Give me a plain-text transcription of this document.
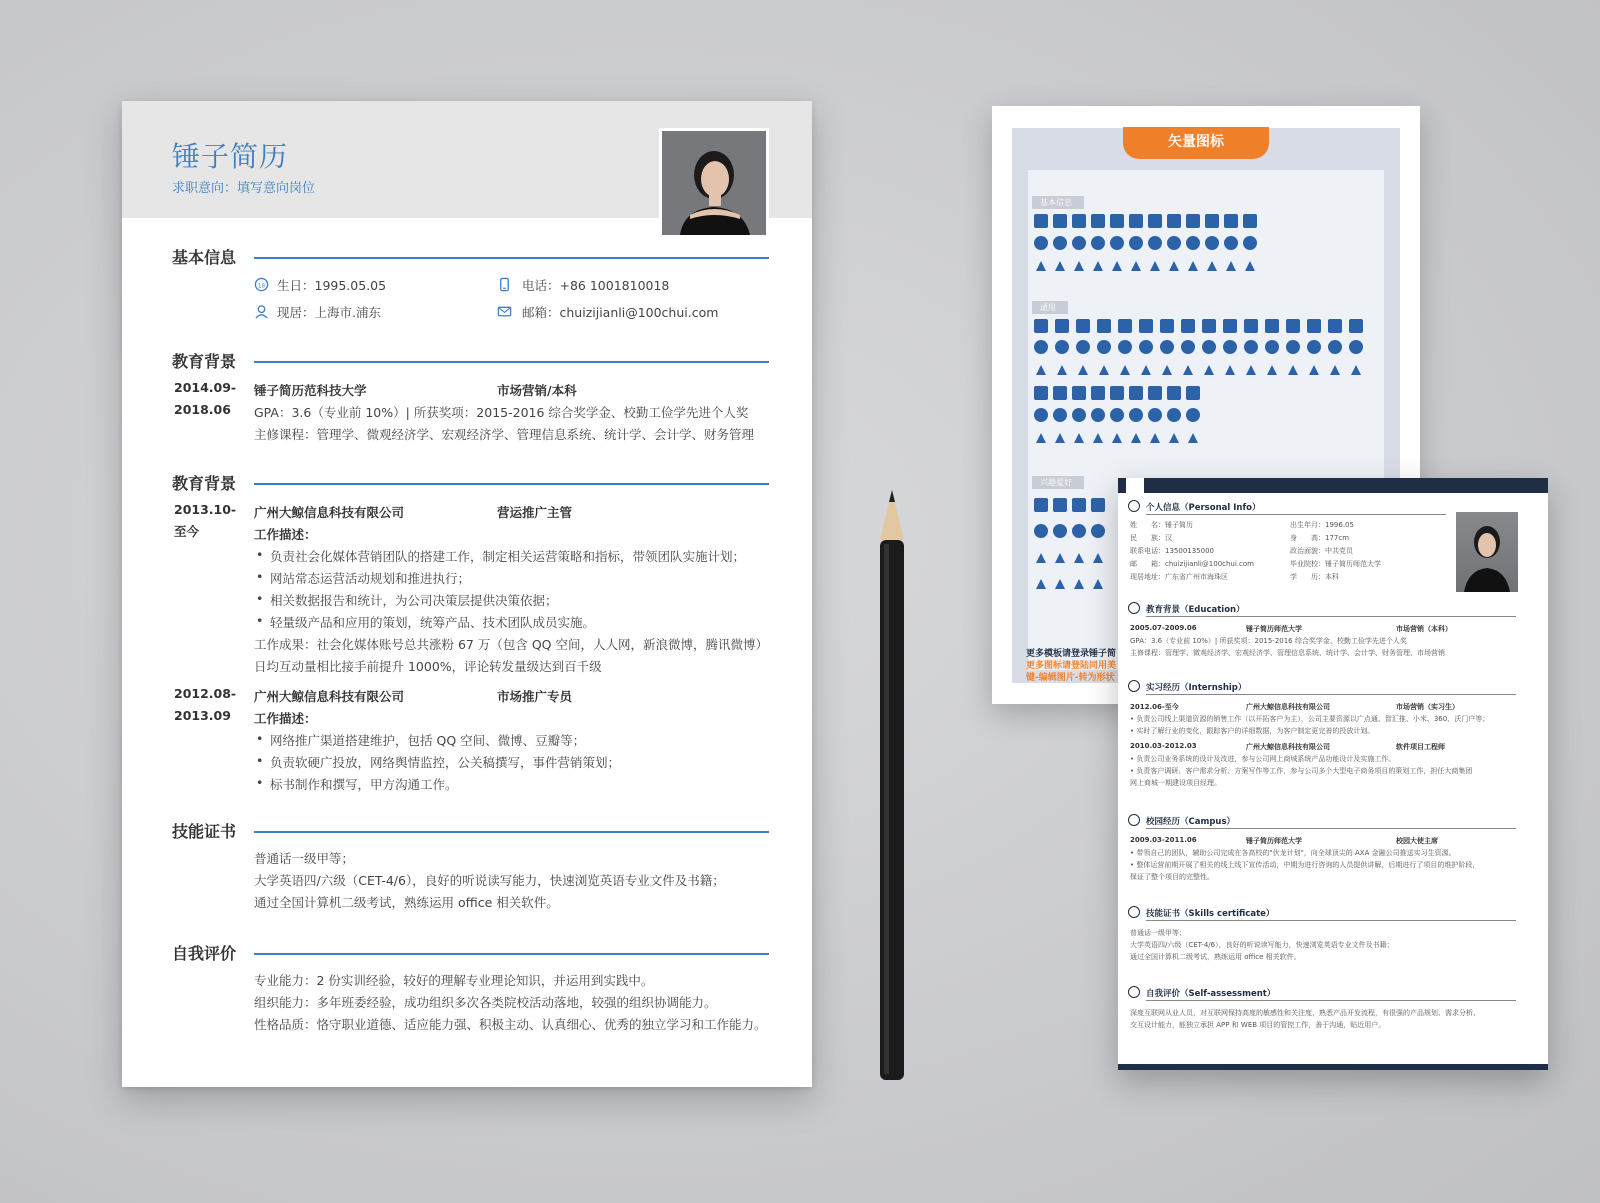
锤子简历
求职意向：填写意向岗位
基本信息
18 生日：1995.05.05	电话：+86 1001810018
现居：上海市.浦东	邮箱：chuizijianli@100chui.com
教育背景
2014.09-
2018.06
锤子简历范科技大学	市场营销/本科
GPA：3.6（专业前 10%）| 所获奖项：2015-2016 综合奖学金、校勤工俭学先进个人奖
主修课程：管理学、微观经济学、宏观经济学、管理信息系统、统计学、会计学、财务管理
教育背景
2013.10-
至今
广州大鲸信息科技有限公司	营运推广主管
工作描述：
• 负责社会化媒体营销团队的搭建工作，制定相关运营策略和指标，带领团队实施计划；
• 网站常态运营活动规划和推进执行；
• 相关数据报告和统计，为公司决策层提供决策依据；
• 轻量级产品和应用的策划，统筹产品、技术团队成员实施。
工作成果：社会化媒体账号总共涨粉 67 万（包含 QQ 空间，人人网，新浪微博，腾讯微博）
日均互动量相比接手前提升 1000%，评论转发量级达到百千级
2012.08-
2013.09
广州大鲸信息科技有限公司	市场推广专员
工作描述：
• 网络推广渠道搭建维护，包括 QQ 空间、微博、豆瓣等；
• 负责软硬广投放，网络舆情监控，公关稿撰写，事件营销策划；
• 标书制作和撰写，甲方沟通工作。
技能证书
普通话一级甲等；
大学英语四/六级（CET-4/6），良好的听说读写能力，快速浏览英语专业文件及书籍；
通过全国计算机二级考试，熟练运用 office 相关软件。
自我评价
专业能力：2 份实训经验，较好的理解专业理论知识，并运用到实践中。
组织能力：多年班委经验，成功组织多次各类院校活动落地，较强的组织协调能力。
性格品质：恪守职业道德、适应能力强、积极主动、认真细心、优秀的独立学习和工作能力。
矢量图标
基本信息
通用
兴趣爱好
更多模板请登录锤子简
更多图标请登陆同用美
键-编辑图片-转为形状
个人信息（Personal Info）
姓　　名：锤子简历	出生年月：1996.05
民　　族：汉	身　　高：177cm
联系电话：13500135000	政治面貌：中共党员
邮　　箱：chuizijianli@100chui.com	毕业院校：锤子简历师范大学
现居地址：广东省广州市海珠区	学　　历：本科
教育背景（Education）
2005.07-2009.06	锤子简历师范大学	市场营销（本科）
GPA：3.6（专业前 10%）| 所获奖项：2015-2016 综合奖学金、校勤工俭学先进个人奖
主修课程：管理学、微观经济学、宏观经济学、管理信息系统、统计学、会计学、财务管理、市场营销
实习经历（Internship）
2012.06-至今	广州大鲸信息科技有限公司	市场营销（实习生）
• 负责公司线上渠道资源的销售工作（以开拓客户为主），公司主要资源以广点通、智汇推、小米、360、沃门户等；
• 实时了解行业的变化，跟踪客户的详细数据，为客户制定更完善的投放计划。
2010.03-2012.03	广州大鲸信息科技有限公司	软件项目工程师
• 负责公司业务系统的设计及改进，参与公司网上商城系统产品功能设计及实施工作。
• 负责客户调研、客户需求分析、方案写作等工作，参与公司多个大型电子商务项目的策划工作，担任大商集团
网上商城一期建设项目经理。
校园经历（Campus）
2009.03-2011.06	锤子简历师范大学	校园大使主席
• 带领自己的团队，辅助公司完成在各高校的"伏龙计划"，向全球顶尖的 AXA 金融公司推送实习生资源。
• 整体运营前期开展了相关的线上线下宣传活动，中期为进行咨询的人员提供讲解，后期进行了项目的维护阶段，
保证了整个项目的完整性。
技能证书（Skills certificate）
普通话一级甲等；
大学英语四/六级（CET-4/6），良好的听说读写能力，快速浏览英语专业文件及书籍；
通过全国计算机二级考试，熟练运用 office 相关软件。
自我评价（Self-assessment）
深度互联网从业人员，对互联网保持高度的敏感性和关注度，熟悉产品开发流程，有很强的产品规划、需求分析、
交互设计能力，能独立承担 APP 和 WEB 项目的管控工作，善于沟通，贴近用户。
